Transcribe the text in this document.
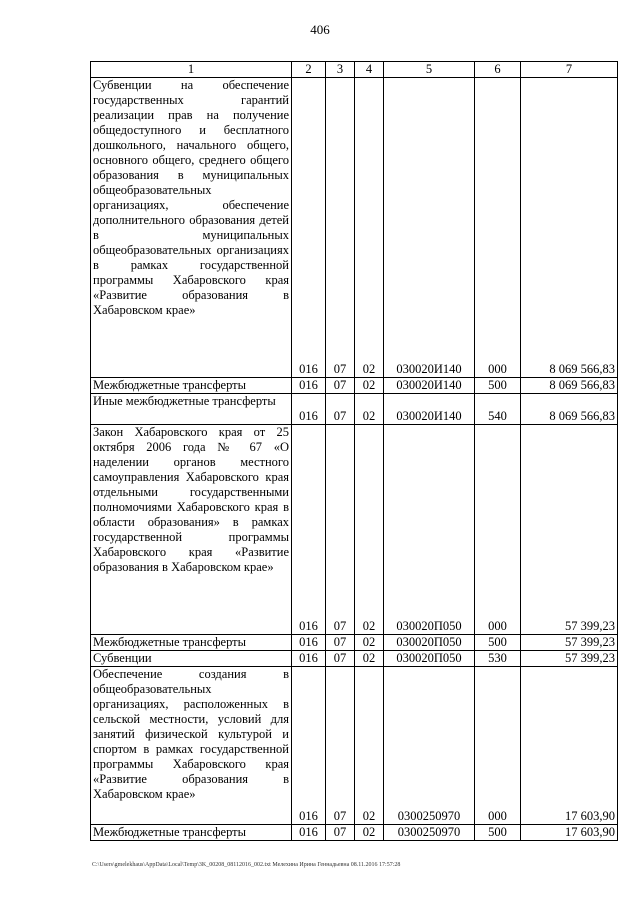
406
1	2	3	4	5	6	7
Субвенции на обеспечение государственных гарантий реализации прав на получение общедоступного и бесплатного дошкольного, начального общего, основного общего, среднего общего образования в муниципальных общеобразовательных организациях, обеспечение дополнительного образования детей в муниципальных общеобразовательных организациях в рамках государственной программы Хабаровского края «Развитие образования в Хабаровском крае»	016	07	02	030020И140	000	8 069 566,83
Межбюджетные трансферты	016	07	02	030020И140	500	8 069 566,83
Иные межбюджетные трансферты	016	07	02	030020И140	540	8 069 566,83
Закон Хабаровского края от 25 октября 2006 года № 67 «О наделении органов местного самоуправления Хабаровского края отдельными государственными полномочиями Хабаровского края в области образования» в рамках государственной программы Хабаровского края «Развитие образования в Хабаровском крае»	016	07	02	030020П050	000	57 399,23
Межбюджетные трансферты	016	07	02	030020П050	500	57 399,23
Субвенции	016	07	02	030020П050	530	57 399,23
Обеспечение создания в общеобразовательных организациях, расположенных в сельской местности, условий для занятий физической культурой и спортом в рамках государственной программы Хабаровского края «Развитие образования в Хабаровском крае»	016	07	02	0300250970	000	17 603,90
Межбюджетные трансферты	016	07	02	0300250970	500	17 603,90
C:\Users\gmelekhaus\AppData\Local\Temp\3K_00208_08112016_002.txt Мелехина Ирина Геннадьевна 08.11.2016 17:57:28
